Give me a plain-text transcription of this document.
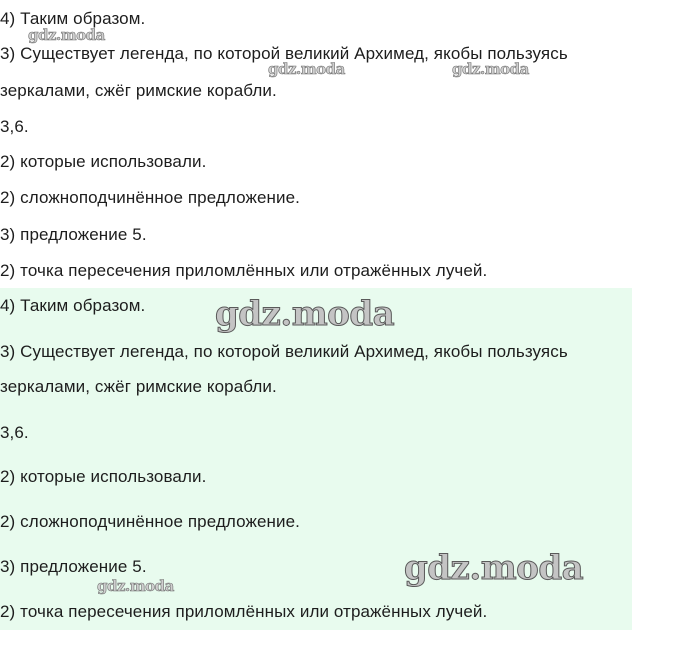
4) Таким образом.
3) Существует легенда, по которой великий Архимед, якобы пользуясь
зеркалами, сжёг римские корабли.
3,6.
2) которые использовали.
2) сложноподчинённое предложение.
3) предложение 5.
2) точка пересечения приломлённых или отражённых лучей.
4) Таким образом.
3) Существует легенда, по которой великий Архимед, якобы пользуясь
зеркалами, сжёг римские корабли.
3,6.
2) которые использовали.
2) сложноподчинённое предложение.
3) предложение 5.
2) точка пересечения приломлённых или отражённых лучей.
gdz.moda
gdz.moda	gdz.moda
gdz.moda
gdz.moda
gdz.moda
